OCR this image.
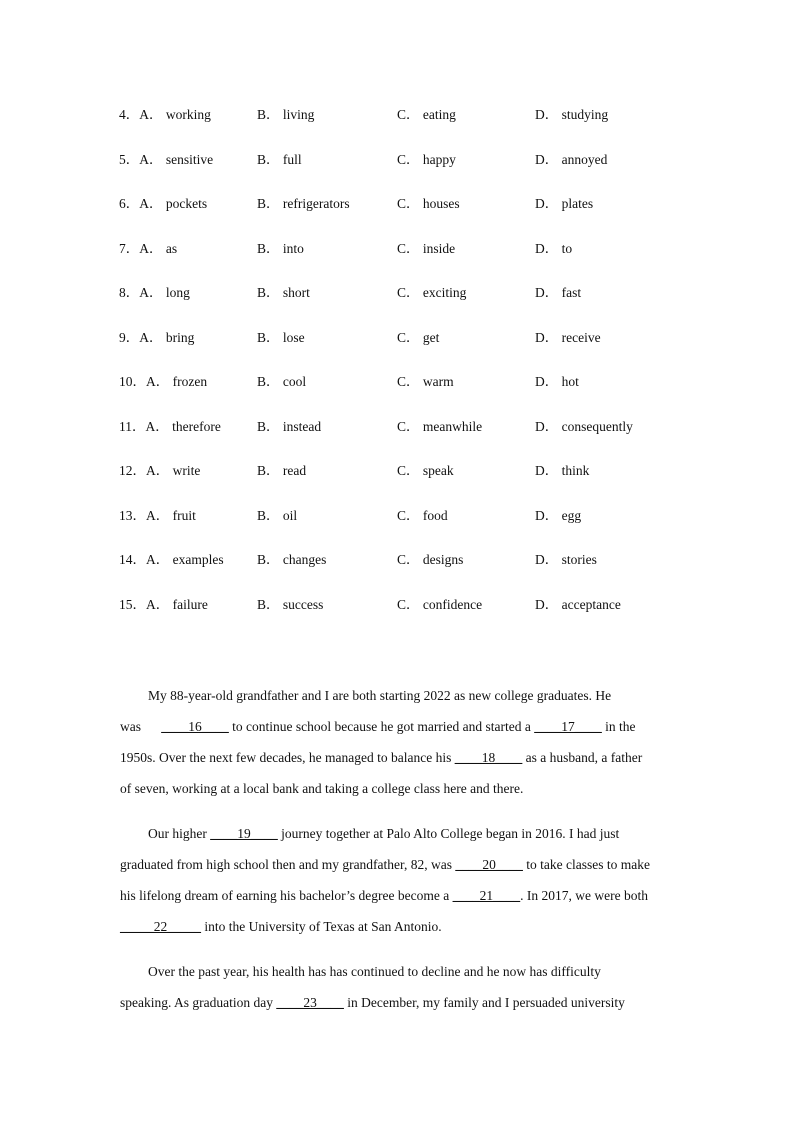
4．A． working	B． living	C． eating	D． studying
5．A． sensitive	B． full	C． happy	D． annoyed
6．A． pockets	B． refrigerators	C． houses	D． plates
7．A． as	B． into	C． inside	D． to
8．A． long	B． short	C． exciting	D． fast
9．A． bring	B． lose	C． get	D． receive
10．A． frozen	B． cool	C． warm	D． hot
11．A． therefore	B． instead	C． meanwhile	D． consequently
12．A． write	B． read	C． speak	D． think
13．A． fruit	B． oil	C． food	D． egg
14．A． examples B． changes	C． designs	D． stories
15．A． failure	B． success	C． confidence	D． acceptance

My 88-year-old grandfather and I are both starting 2022 as new college graduates. He
was      ____16____ to continue school because he got married and started a ____17____ in the
1950s. Over the next few decades, he managed to balance his ____18____ as a husband, a father
of seven, working at a local bank and taking a college class here and there.

Our higher ____19____ journey together at Palo Alto College began in 2016. I had just
graduated from high school then and my grandfather, 82, was ____20____ to take classes to make
his lifelong dream of earning his bachelor’s degree become a ____21____. In 2017, we were both
_____22_____ into the University of Texas at San Antonio.

Over the past year, his health has has continued to decline and he now has difficulty
speaking. As graduation day ____23____ in December, my family and I persuaded university
